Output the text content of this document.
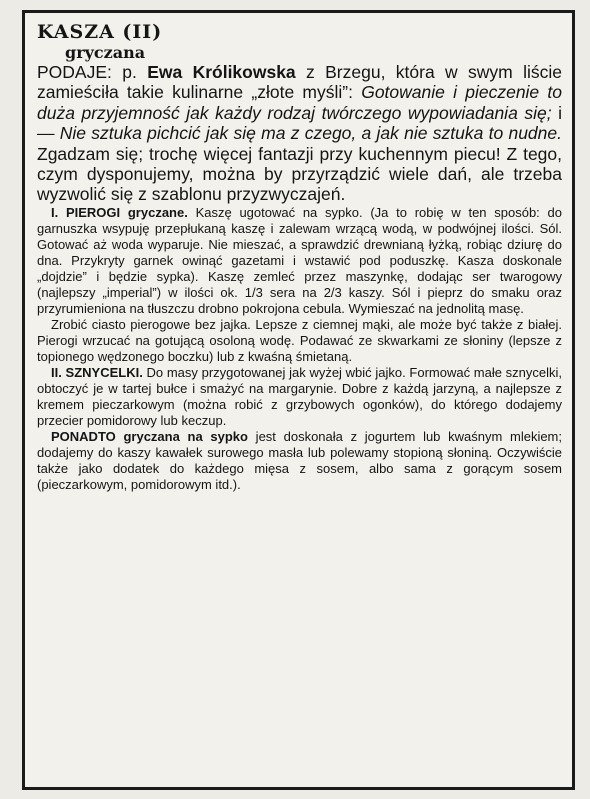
KASZA (II)
gryczana

PODAJE: p. Ewa Królikowska z Brzegu, która w swym liście zamieściła takie kulinarne „złote myśli”: Gotowanie i pieczenie to duża przyjemność jak każdy rodzaj twórczego wypowiadania się; i — Nie sztuka pichcić jak się ma z czego, a jak nie sztuka to nudne. Zgadzam się; trochę więcej fantazji przy kuchennym piecu! Z tego, czym dysponujemy, można by przyrządzić wiele dań, ale trzeba wyzwolić się z szablonu przyzwyczajeń.

I. PIEROGI gryczane. Kaszę ugotować na sypko. (Ja to robię w ten sposób: do garnuszka wsypuję przepłukaną kaszę i zalewam wrzącą wodą, w podwójnej ilości. Sól. Gotować aż woda wyparuje. Nie mieszać, a sprawdzić drewnianą łyżką, robiąc dziurę do dna. Przykryty garnek owinąć gazetami i wstawić pod poduszkę. Kasza doskonale „dojdzie” i będzie sypka). Kaszę zemleć przez maszynkę, dodając ser twarogowy (najlepszy „imperial”) w ilości ok. 1/3 sera na 2/3 kaszy. Sól i pieprz do smaku oraz przyrumieniona na tłuszczu drobno pokrojona cebula. Wymieszać na jednolitą masę.

Zrobić ciasto pierogowe bez jajka. Lepsze z ciemnej mąki, ale może być także z białej. Pierogi wrzucać na gotującą osoloną wodę. Podawać ze skwarkami ze słoniny (lepsze z topionego wędzonego boczku) lub z kwaśną śmietaną.

II. SZNYCELKI. Do masy przygotowanej jak wyżej wbić jajko. Formować małe sznycelki, obtoczyć je w tartej bułce i smażyć na margarynie. Dobre z każdą jarzyną, a najlepsze z kremem pieczarkowym (można robić z grzybowych ogonków), do którego dodajemy przecier pomidorowy lub keczup.

PONADTO gryczana na sypko jest doskonała z jogurtem lub kwaśnym mlekiem; dodajemy do kaszy kawałek surowego masła lub polewamy stopioną słoniną. Oczywiście także jako dodatek do każdego mięsa z sosem, albo sama z gorącym sosem (pieczarkowym, pomidorowym itd.).
